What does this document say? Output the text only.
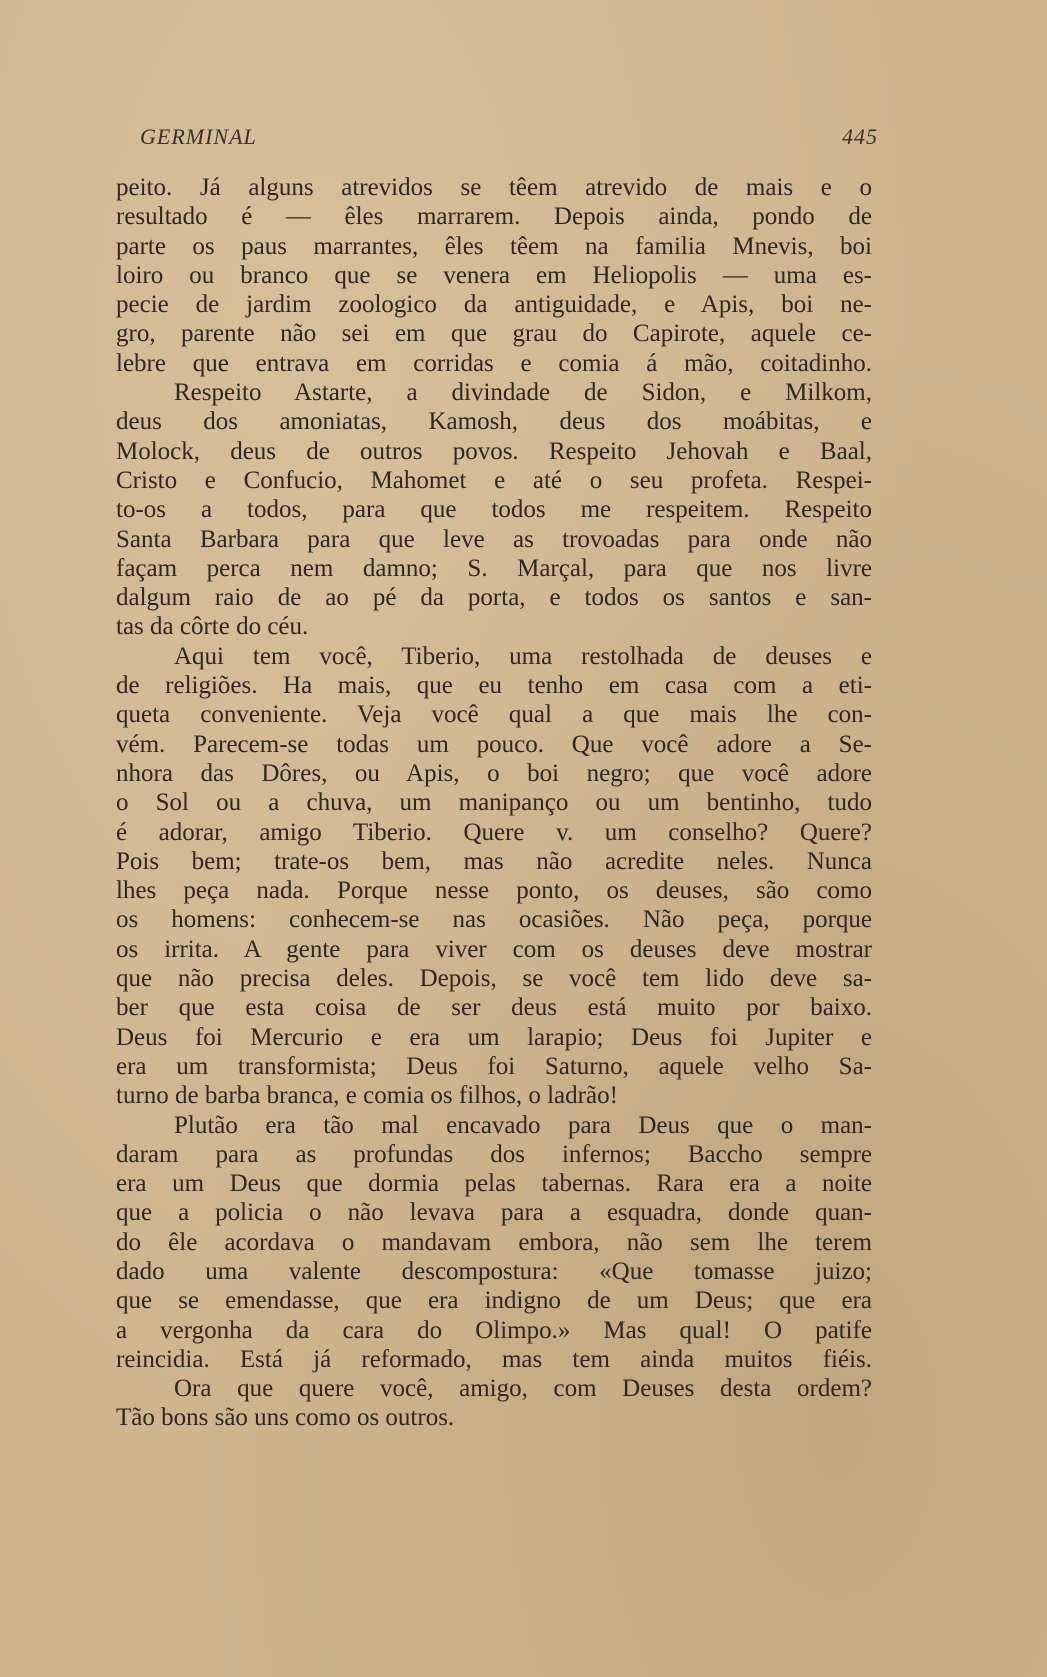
GERMINAL	445
peito. Já alguns atrevidos se têem atrevido de mais e o
resultado é — êles marrarem. Depois ainda, pondo de
parte os paus marrantes, êles têem na familia Mnevis, boi
loiro ou branco que se venera em Heliopolis — uma es-
pecie de jardim zoologico da antiguidade, e Apis, boi ne-
gro, parente não sei em que grau do Capirote, aquele ce-
lebre que entrava em corridas e comia á mão, coitadinho.
Respeito Astarte, a divindade de Sidon, e Milkom,
deus dos amoniatas, Kamosh, deus dos moábitas, e
Molock, deus de outros povos. Respeito Jehovah e Baal,
Cristo e Confucio, Mahomet e até o seu profeta. Respei-
to-os a todos, para que todos me respeitem. Respeito
Santa Barbara para que leve as trovoadas para onde não
façam perca nem damno; S. Marçal, para que nos livre
dalgum raio de ao pé da porta, e todos os santos e san-
tas da côrte do céu.
Aqui tem você, Tiberio, uma restolhada de deuses e
de religiões. Ha mais, que eu tenho em casa com a eti-
queta conveniente. Veja você qual a que mais lhe con-
vém. Parecem-se todas um pouco. Que você adore a Se-
nhora das Dôres, ou Apis, o boi negro; que você adore
o Sol ou a chuva, um manipanço ou um bentinho, tudo
é adorar, amigo Tiberio. Quere v. um conselho? Quere?
Pois bem; trate-os bem, mas não acredite neles. Nunca
lhes peça nada. Porque nesse ponto, os deuses, são como
os homens: conhecem-se nas ocasiões. Não peça, porque
os irrita. A gente para viver com os deuses deve mostrar
que não precisa deles. Depois, se você tem lido deve sa-
ber que esta coisa de ser deus está muito por baixo.
Deus foi Mercurio e era um larapio; Deus foi Jupiter e
era um transformista; Deus foi Saturno, aquele velho Sa-
turno de barba branca, e comia os filhos, o ladrão!
Plutão era tão mal encavado para Deus que o man-
daram para as profundas dos infernos; Baccho sempre
era um Deus que dormia pelas tabernas. Rara era a noite
que a policia o não levava para a esquadra, donde quan-
do êle acordava o mandavam embora, não sem lhe terem
dado uma valente descompostura: «Que tomasse juizo;
que se emendasse, que era indigno de um Deus; que era
a vergonha da cara do Olimpo.» Mas qual! O patife
reincidia. Está já reformado, mas tem ainda muitos fiéis.
Ora que quere você, amigo, com Deuses desta ordem?
Tão bons são uns como os outros.
